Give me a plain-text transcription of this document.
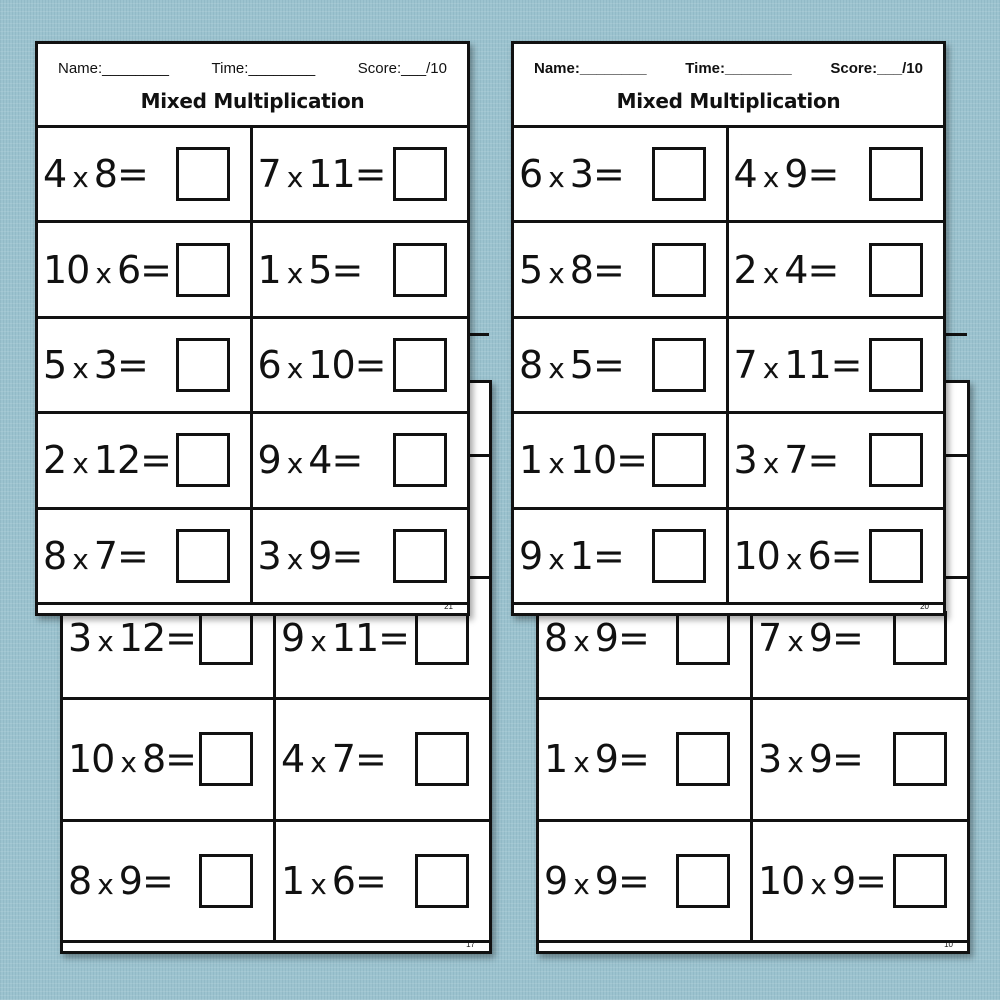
3 x 12= 9 x 11=
10 x 8= 4 x 7=
8 x 9=	1 x 6=
17
8 x 9=	7 x 9=
1 x 9=	3 x 9=
9 x 9=	10 x 9=
10
Name:________	Time:________	Score:___/10
Mixed Multiplication
4 x 8=	7 x 11=
10 x 6= 1 x 5=
5 x 3=	6 x 10=
2 x 12= 9 x 4=
8 x 7=	3 x 9=
21
Name:________	Time:________	Score:___/10
Mixed Multiplication
6 x 3=	4 x 9=
5 x 8=	2 x 4=
8 x 5=	7 x 11=
1 x 10= 3 x 7=
9 x 1=	10 x 6=
20
